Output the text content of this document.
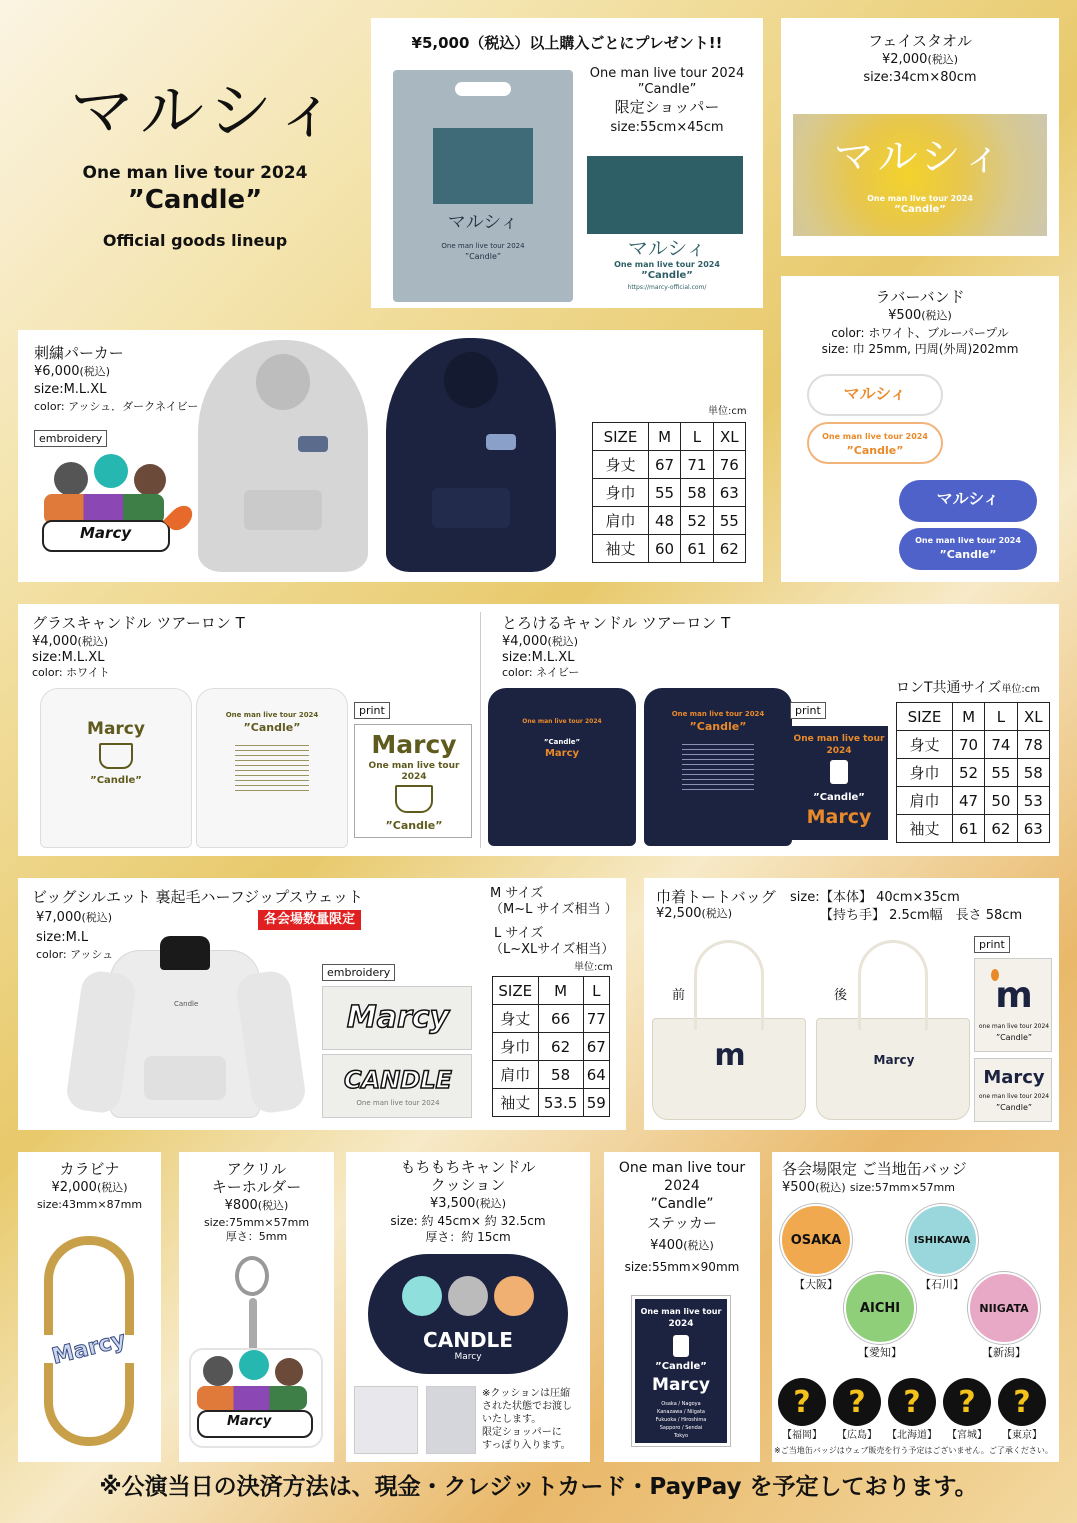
マルシィ
One man live tour 2024
”Candle”
Official goods lineup
¥5,000（税込）以上購入ごとにプレゼント!!
マルシィ
One man live tour 2024
”Candle”
One man live tour 2024
”Candle”
限定ショッパー
size:55cm×45cm
マルシィ
One man live tour 2024
”Candle”
https://marcy-official.com/
フェイスタオル
¥2,000(税込)
size:34cm×80cm
マルシィ
One man live tour 2024
”Candle”
ラバーバンド
¥500(税込)
color: ホワイト、ブルーパープル
size: 巾 25mm, 円周(外周)202mm
マルシィ
One man live tour 2024
”Candle”
マルシィ
One man live tour 2024
”Candle”
刺繍パーカー
¥6,000(税込)
size:M.L.XL
color: アッシュ．ダークネイビー
embroidery
Marcy
単位:cm
SIZE	M	L	XL
身丈	67	71	76
身巾	55	58	63
肩巾	48	52	55
袖丈	60	61	62
グラスキャンドル ツアーロン T
¥4,000(税込)
size:M.L.XL
color: ホワイト
Marcy
”Candle”
One man live tour 2024
”Candle”
print
Marcy
One man live tour
2024
”Candle”
とろけるキャンドル ツアーロン T
¥4,000(税込)
size:M.L.XL
color: ネイビー
One man live tour 2024
”Candle”
Marcy
One man live tour 2024
”Candle”
print
One man live tour
2024
”Candle”
Marcy
ロンT共通サイズ単位:cm
SIZE	M	L	XL
身丈	70	74	78
身巾	52	55	58
肩巾	47	50	53
袖丈	61	62	63
ビッグシルエット 裏起毛ハーフジップスウェット
¥7,000(税込)
size:M.L
color: アッシュ
各会場数量限定
Candle
embroidery
Marcy
CANDLE
One man live tour 2024
M サイズ
（M~L サイズ相当 ）
L サイズ
（L~XLサイズ相当）
単位:cm
SIZE	M	L
身丈	66	77
身巾	62	67
肩巾	58	64
袖丈	53.5	59
巾着トートバッグ
¥2,500(税込)
size: 【本体】 40cm×35cm
【持ち手】 2.5cm幅　長さ 58cm
前	後
m	Marcy
print
m
one man live tour 2024
”Candle”
Marcy
one man live tour 2024
”Candle”
カラビナ
¥2,000(税込)
size:43mm×87mm
Marcy
アクリル
キーホルダー
¥800(税込)
size:75mm×57mm
厚さ：5mm
Marcy
もちもちキャンドル
クッション
¥3,500(税込)
size: 約 45cm× 約 32.5cm
厚さ：約 15cm
CANDLE
Marcy
※クッションは圧縮
された状態でお渡し
いたします。
限定ショッパーに
すっぽり入ります。
One man live tour
2024
”Candle”
ステッカー
¥400(税込)
size:55mm×90mm
One man live tour
2024
”Candle”
Marcy
Osaka / Nagoya
Kanazawa / Niigata
Fukuoka / Hiroshima
Sapporo / Sendai
Tokyo
各会場限定 ご当地缶バッジ
¥500(税込) size:57mm×57mm
OSAKA
【大阪】
ISHIKAWA
【石川】
AICHI
【愛知】
NIIGATA
【新潟】
?
【福岡】
?
【広島】
?
【北海道】
?
【宮城】
?
【東京】
※ご当地缶バッジはウェブ販売を行う予定はございません。ご了承ください。
※公演当日の決済方法は、現金・クレジットカード・PayPay を予定しております。
